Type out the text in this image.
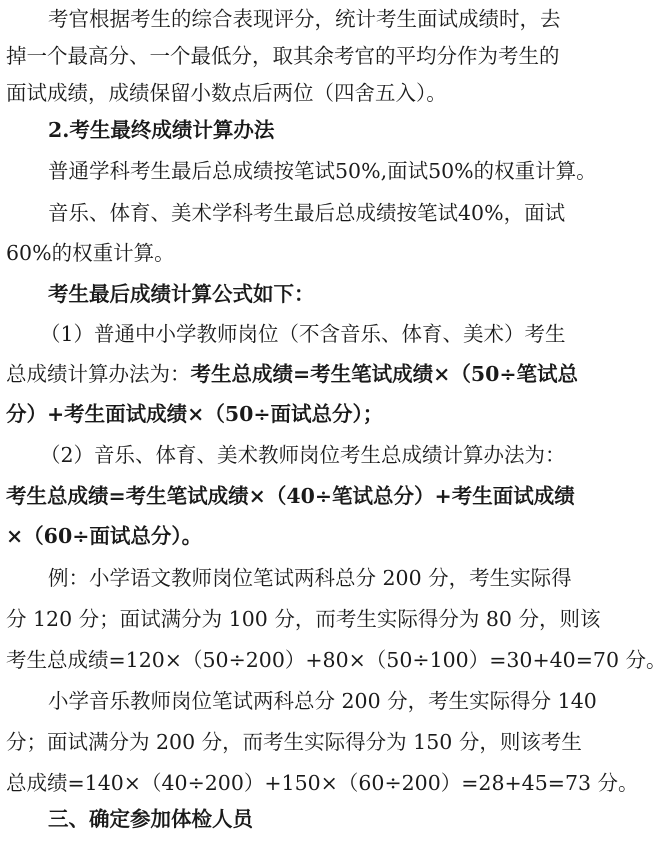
考官根据考生的综合表现评分，统计考生面试成绩时，去
掉一个最高分、一个最低分，取其余考官的平均分作为考生的
面试成绩，成绩保留小数点后两位（四舍五入）。
2.考生最终成绩计算办法
普通学科考生最后总成绩按笔试50%,面试50%的权重计算。
音乐、体育、美术学科考生最后总成绩按笔试40%，面试
60%的权重计算。
考生最后成绩计算公式如下：
（1）普通中小学教师岗位（不含音乐、体育、美术）考生
总成绩计算办法为：考生总成绩=考生笔试成绩×（50÷笔试总
分）+考生面试成绩×（50÷面试总分）；
（2）音乐、体育、美术教师岗位考生总成绩计算办法为：
考生总成绩=考生笔试成绩×（40÷笔试总分）+考生面试成绩
×（60÷面试总分）。
例：小学语文教师岗位笔试两科总分 200 分，考生实际得
分 120 分；面试满分为 100 分，而考生实际得分为 80 分，则该
考生总成绩=120×（50÷200）+80×（50÷100）=30+40=70 分。
小学音乐教师岗位笔试两科总分 200 分，考生实际得分 140
分；面试满分为 200 分，而考生实际得分为 150 分，则该考生
总成绩=140×（40÷200）+150×（60÷200）=28+45=73 分。
三、确定参加体检人员
